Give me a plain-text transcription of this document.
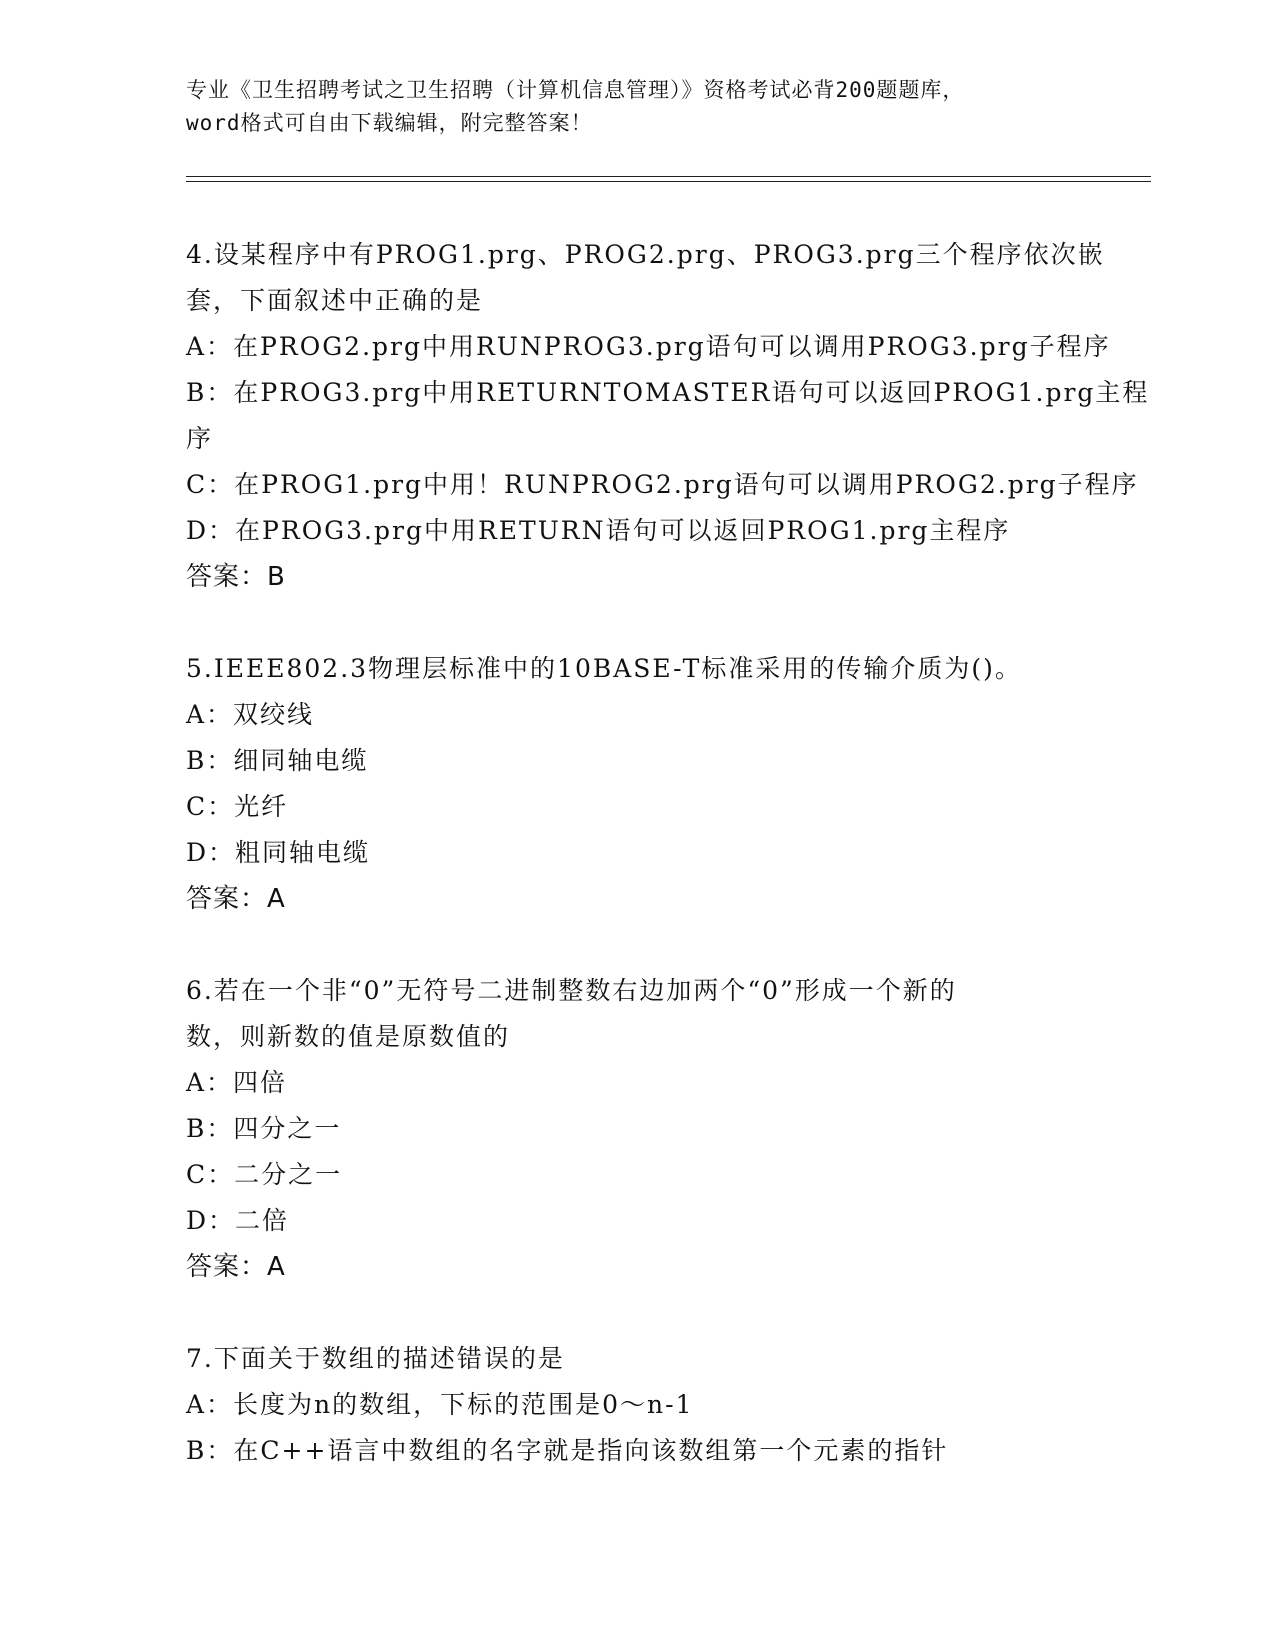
专业《卫生招聘考试之卫生招聘（计算机信息管理）》资格考试必背200题题库，
word格式可自由下载编辑，附完整答案！
4.设某程序中有PROG1.prg、PROG2.prg、PROG3.prg三个程序依次嵌
套，下面叙述中正确的是
A：在PROG2.prg中用RUNPROG3.prg语句可以调用PROG3.prg子程序
B：在PROG3.prg中用RETURNTOMASTER语句可以返回PROG1.prg主程
序
C：在PROG1.prg中用！RUNPROG2.prg语句可以调用PROG2.prg子程序
D：在PROG3.prg中用RETURN语句可以返回PROG1.prg主程序
答案：B
5.IEEE802.3物理层标准中的10BASE-T标准采用的传输介质为()。
A：双绞线
B：细同轴电缆
C：光纤
D：粗同轴电缆
答案：A
6.若在一个非“0”无符号二进制整数右边加两个“0”形成一个新的
数，则新数的值是原数值的
A：四倍
B：四分之一
C：二分之一
D：二倍
答案：A
7.下面关于数组的描述错误的是
A：长度为n的数组，下标的范围是0～n-1
B：在C++语言中数组的名字就是指向该数组第一个元素的指针
